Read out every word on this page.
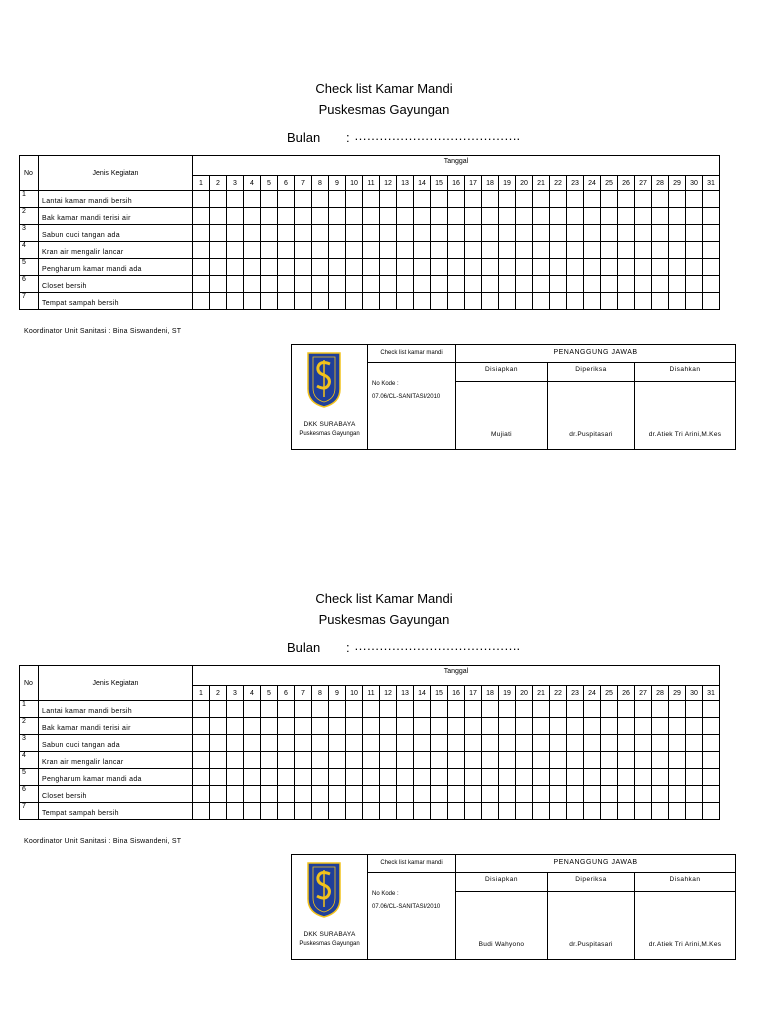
Check list Kamar Mandi
Puskesmas Gayungan
Bulan : ………………………………….
No	Jenis Kegiatan	Tanggal																														
		1	2	3	4	5	6	7	8	9	10	11	12	13	14	15	16	17	18	19	20	21	22	23	24	25	26	27	28	29	30	31
1	Lantai kamar mandi bersih																															
2	Bak kamar mandi terisi air																															
3	Sabun cuci tangan ada																															
4	Kran air mengalir lancar																															
5	Pengharum kamar mandi ada																															
6	Closet bersih																															
7	Tempat sampah bersih																															
Koordinator Unit Sanitasi : Bina Siswandeni, ST
DKK SURABAYA
Puskesmas Gayungan
Check list kamar mandi
No Kode :
07.06/CL-SANITASI/2010
PENANGGUNG JAWAB
Disiapkan
Mujiati
Diperiksa
dr.Puspitasari
Disahkan
dr.Atiek Tri Arini,M.Kes
Check list Kamar Mandi
Puskesmas Gayungan
Bulan : ………………………………….
No	Jenis Kegiatan	Tanggal																														
		1	2	3	4	5	6	7	8	9	10	11	12	13	14	15	16	17	18	19	20	21	22	23	24	25	26	27	28	29	30	31
1	Lantai kamar mandi bersih																															
2	Bak kamar mandi terisi air																															
3	Sabun cuci tangan ada																															
4	Kran air mengalir lancar																															
5	Pengharum kamar mandi ada																															
6	Closet bersih																															
7	Tempat sampah bersih																															
Koordinator Unit Sanitasi : Bina Siswandeni, ST
DKK SURABAYA
Puskesmas Gayungan
Check list kamar mandi
No Kode :
07.06/CL-SANITASI/2010
PENANGGUNG JAWAB
Disiapkan
Budi Wahyono
Diperiksa
dr.Puspitasari
Disahkan
dr.Atiek Tri Arini,M.Kes
